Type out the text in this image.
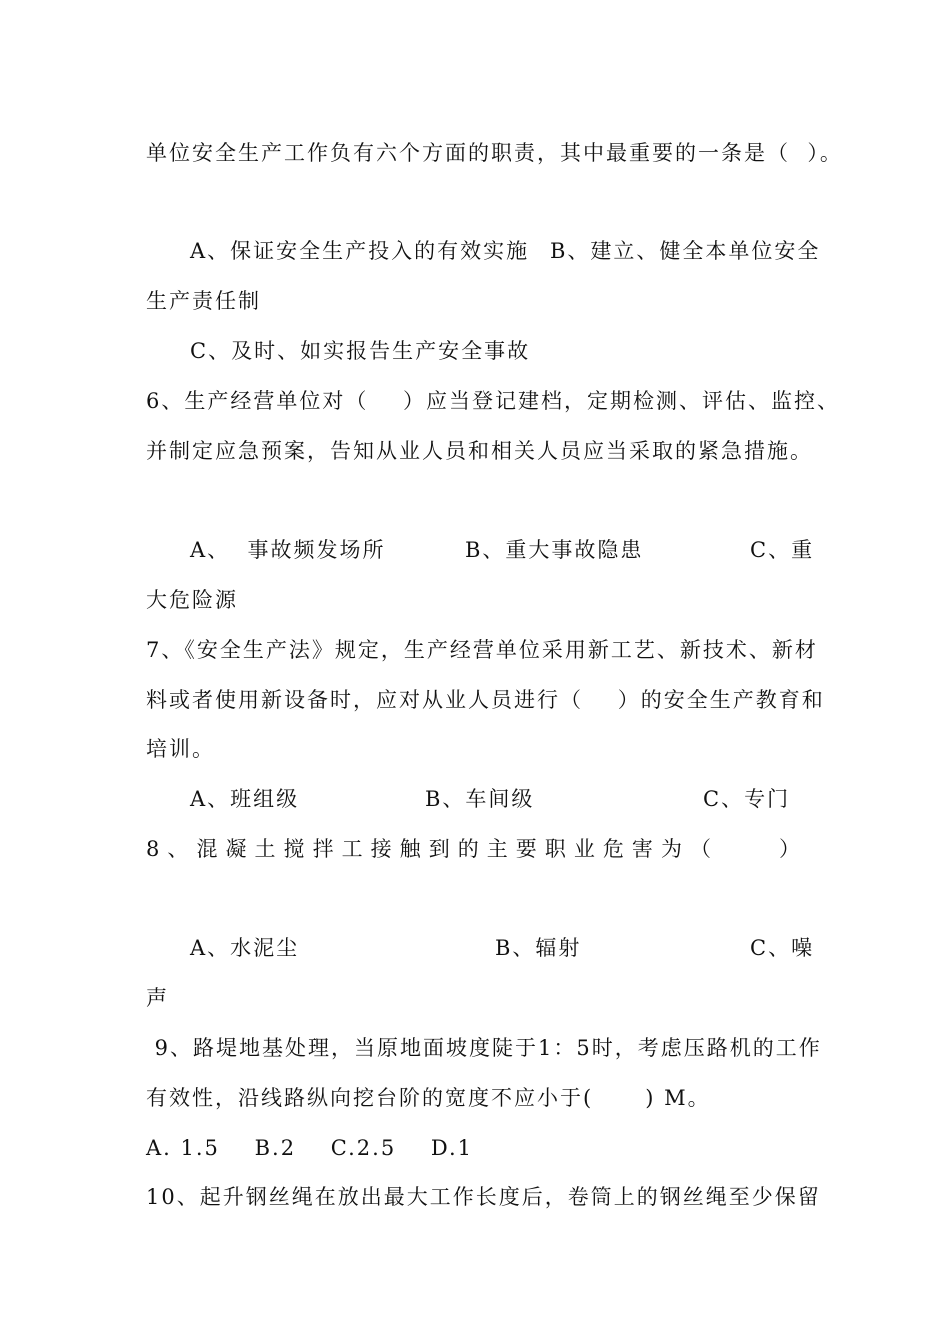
单位安全生产工作负有六个方面的职责，其中最重要的一条是（  ）。
A、保证安全生产投入的有效实施 B、建立、健全本单位安全
生产责任制
C、及时、如实报告生产安全事故
6、生产经营单位对（    ）应当登记建档，定期检测、评估、监控、
并制定应急预案，告知从业人员和相关人员应当采取的紧急措施。
A、  事故频发场所	B、重大事故隐患	C、重
大危险源
7、《安全生产法》规定，生产经营单位采用新工艺、新技术、新材
料或者使用新设备时，应对从业人员进行（    ）的安全生产教育和
培训。
A、班组级	B、车间级	C、专门
8 、 混 凝 土 搅 拌 工 接 触 到 的 主 要 职 业 危 害 为 （	）
A、水泥尘	B、辐射	C、噪
声
9、路堤地基处理，当原地面坡度陡于1：5时，考虑压路机的工作
有效性，沿线路纵向挖台阶的宽度不应小于(      ) M。
A. 1.5    B.2    C.2.5    D.1
10、起升钢丝绳在放出最大工作长度后，卷筒上的钢丝绳至少保留
